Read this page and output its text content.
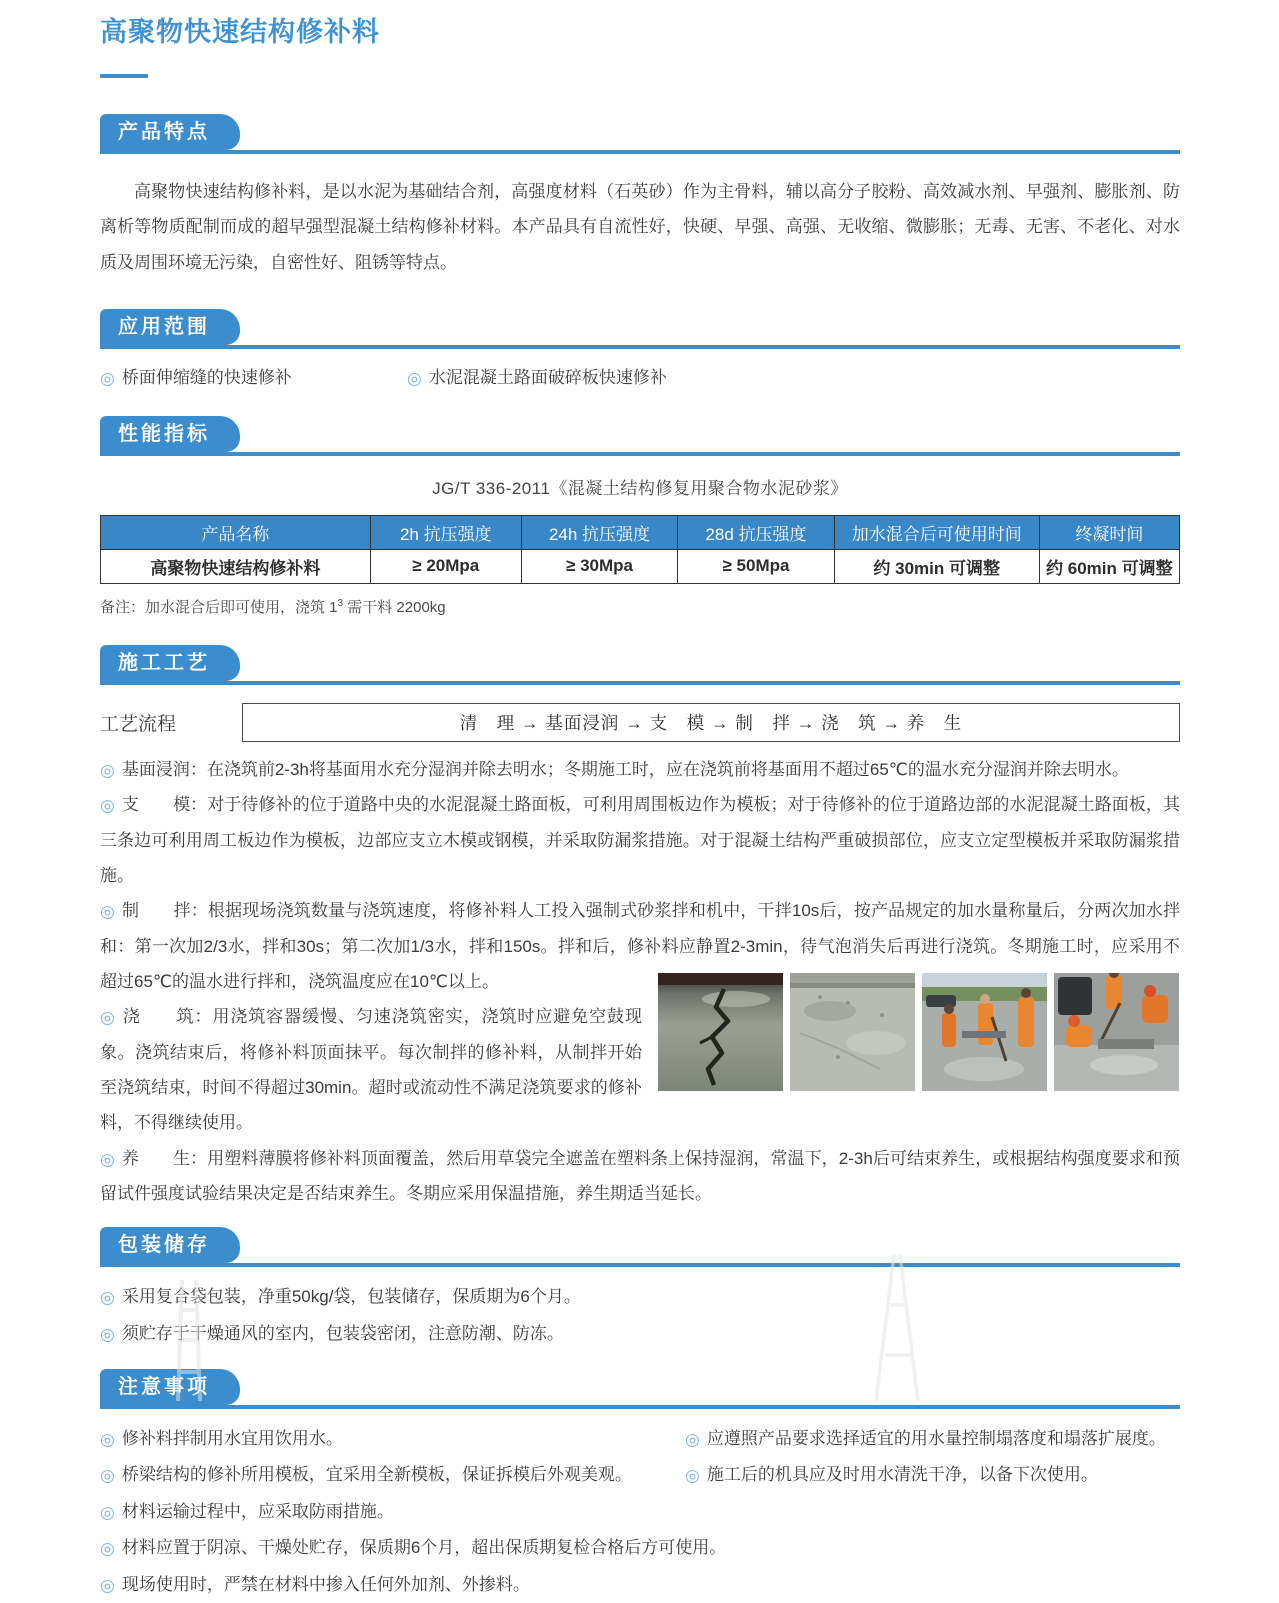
高聚物快速结构修补料
产品特点

高聚物快速结构修补料，是以水泥为基础结合剂，高强度材料（石英砂）作为主骨料，辅以高分子胶粉、高效减水剂、早强剂、膨胀剂、防离析等物质配制而成的超早强型混凝土结构修补材料。本产品具有自流性好，快硬、早强、高强、无收缩、微膨胀；无毒、无害、不老化、对水质及周围环境无污染，自密性好、阻锈等特点。

应用范围
◎ 桥面伸缩缝的快速修补	◎ 水泥混凝土路面破碎板快速修补
性能指标
JG/T 336-2011《混凝土结构修复用聚合物水泥砂浆》
产品名称	2h 抗压强度	24h 抗压强度	28d 抗压强度	加水混合后可使用时间	终凝时间
高聚物快速结构修补料	≥ 20Mpa	≥ 30Mpa	≥ 50Mpa	约 30min 可调整	约 60min 可调整
备注：加水混合后即可使用，浇筑 $1^3$ 需干料 2200kg
施工工艺
工艺流程	清　理 → 基面浸润 → 支　模 → 制　拌 → 浇　筑 → 养　生

◎ 基面浸润：在浇筑前2-3h将基面用水充分湿润并除去明水；冬期施工时，应在浇筑前将基面用不超过65℃的温水充分湿润并除去明水。

◎ 支　　模：对于待修补的位于道路中央的水泥混凝土路面板，可利用周围板边作为模板；对于待修补的位于道路边部的水泥混凝土路面板，其三条边可利用周工板边作为模板，边部应支立木模或钢模，并采取防漏浆措施。对于混凝土结构严重破损部位，应支立定型模板并采取防漏浆措施。

◎ 制　　拌：根据现场浇筑数量与浇筑速度，将修补料人工投入强制式砂浆拌和机中，干拌10s后，按产品规定的加水量称量后，分两次加水拌和：第一次加2/3水，拌和30s；第二次加1/3水，拌和150s。拌和后，修补料应静置2-3min，待气泡消失后再进行浇筑。冬期施工时，应采用不超过65℃的温水进行拌和，浇筑温度应在10℃以上。

◎ 浇　　筑：用浇筑容器缓慢、匀速浇筑密实，浇筑时应避免空鼓现象。浇筑结束后，将修补料顶面抹平。每次制拌的修补料，从制拌开始至浇筑结束，时间不得超过30min。超时或流动性不满足浇筑要求的修补料，不得继续使用。

◎ 养　　生：用塑料薄膜将修补料顶面覆盖，然后用草袋完全遮盖在塑料条上保持湿润，常温下，2-3h后可结束养生，或根据结构强度要求和预留试件强度试验结果决定是否结束养生。冬期应采用保温措施，养生期适当延长。

包装储存

◎ 采用复合袋包装，净重50kg/袋，包装储存，保质期为6个月。

◎ 须贮存于干燥通风的室内，包装袋密闭，注意防潮、防冻。

注意事项

◎ 修补料拌制用水宜用饮用水。	◎ 应遵照产品要求选择适宜的用水量控制塌落度和塌落扩展度。

◎ 桥梁结构的修补所用模板，宜采用全新模板，保证拆模后外观美观。	◎ 施工后的机具应及时用水清洗干净，以备下次使用。

◎ 材料运输过程中，应采取防雨措施。

◎ 材料应置于阴凉、干燥处贮存，保质期6个月，超出保质期复检合格后方可使用。

◎ 现场使用时，严禁在材料中掺入任何外加剂、外掺料。
